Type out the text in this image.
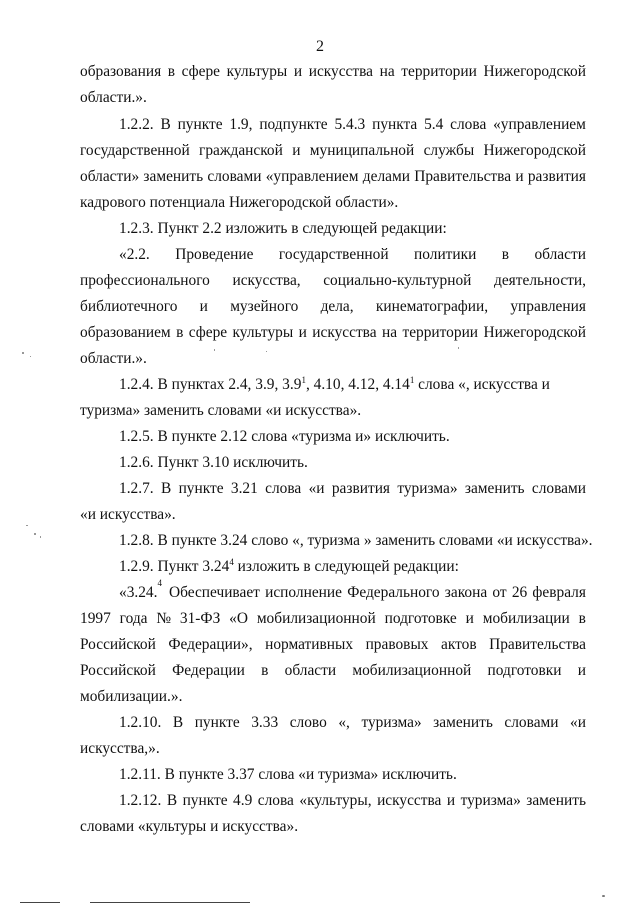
2
образования в сфере культуры и искусства на территории Нижегородской
области.».
1.2.2. В пункте 1.9, подпункте 5.4.3 пункта 5.4 слова «управлением
государственной гражданской и муниципальной службы Нижегородской
области» заменить словами «управлением делами Правительства и развития
кадрового потенциала Нижегородской области».
1.2.3. Пункт 2.2 изложить в следующей редакции:
«2.2. Проведение государственной политики в области
профессионального искусства, социально-культурной деятельности,
библиотечного и музейного дела, кинематографии, управления
образованием в сфере культуры и искусства на территории Нижегородской
области.».
1.2.4. В пунктах 2.4, 3.9, $3.9^1$, 4.10, 4.12, 4.14$^1$ слова «, искусства и
туризма» заменить словами «и искусства».
1.2.5. В пункте 2.12 слова «туризма и» исключить.
1.2.6. Пункт 3.10 исключить.
1.2.7. В пункте 3.21 слова «и развития туризма» заменить словами
«и искусства».
1.2.8. В пункте 3.24 слово «, туризма » заменить словами «и искусства».
1.2.9. Пункт 3.24$^4$ изложить в следующей редакции:
«3.24.
4
Обеспечивает исполнение Федерального закона от 26 февраля
1997 года № 31-ФЗ «О мобилизационной подготовке и мобилизации в
Российской Федерации», нормативных правовых актов Правительства
Российской Федерации в области мобилизационной подготовки и
мобилизации.».
1.2.10. В пункте 3.33 слово «, туризма» заменить словами «и
искусства,».
1.2.11. В пункте 3.37 слова «и туризма» исключить.
1.2.12. В пункте 4.9 слова «культуры, искусства и туризма» заменить
словами «культуры и искусства».
